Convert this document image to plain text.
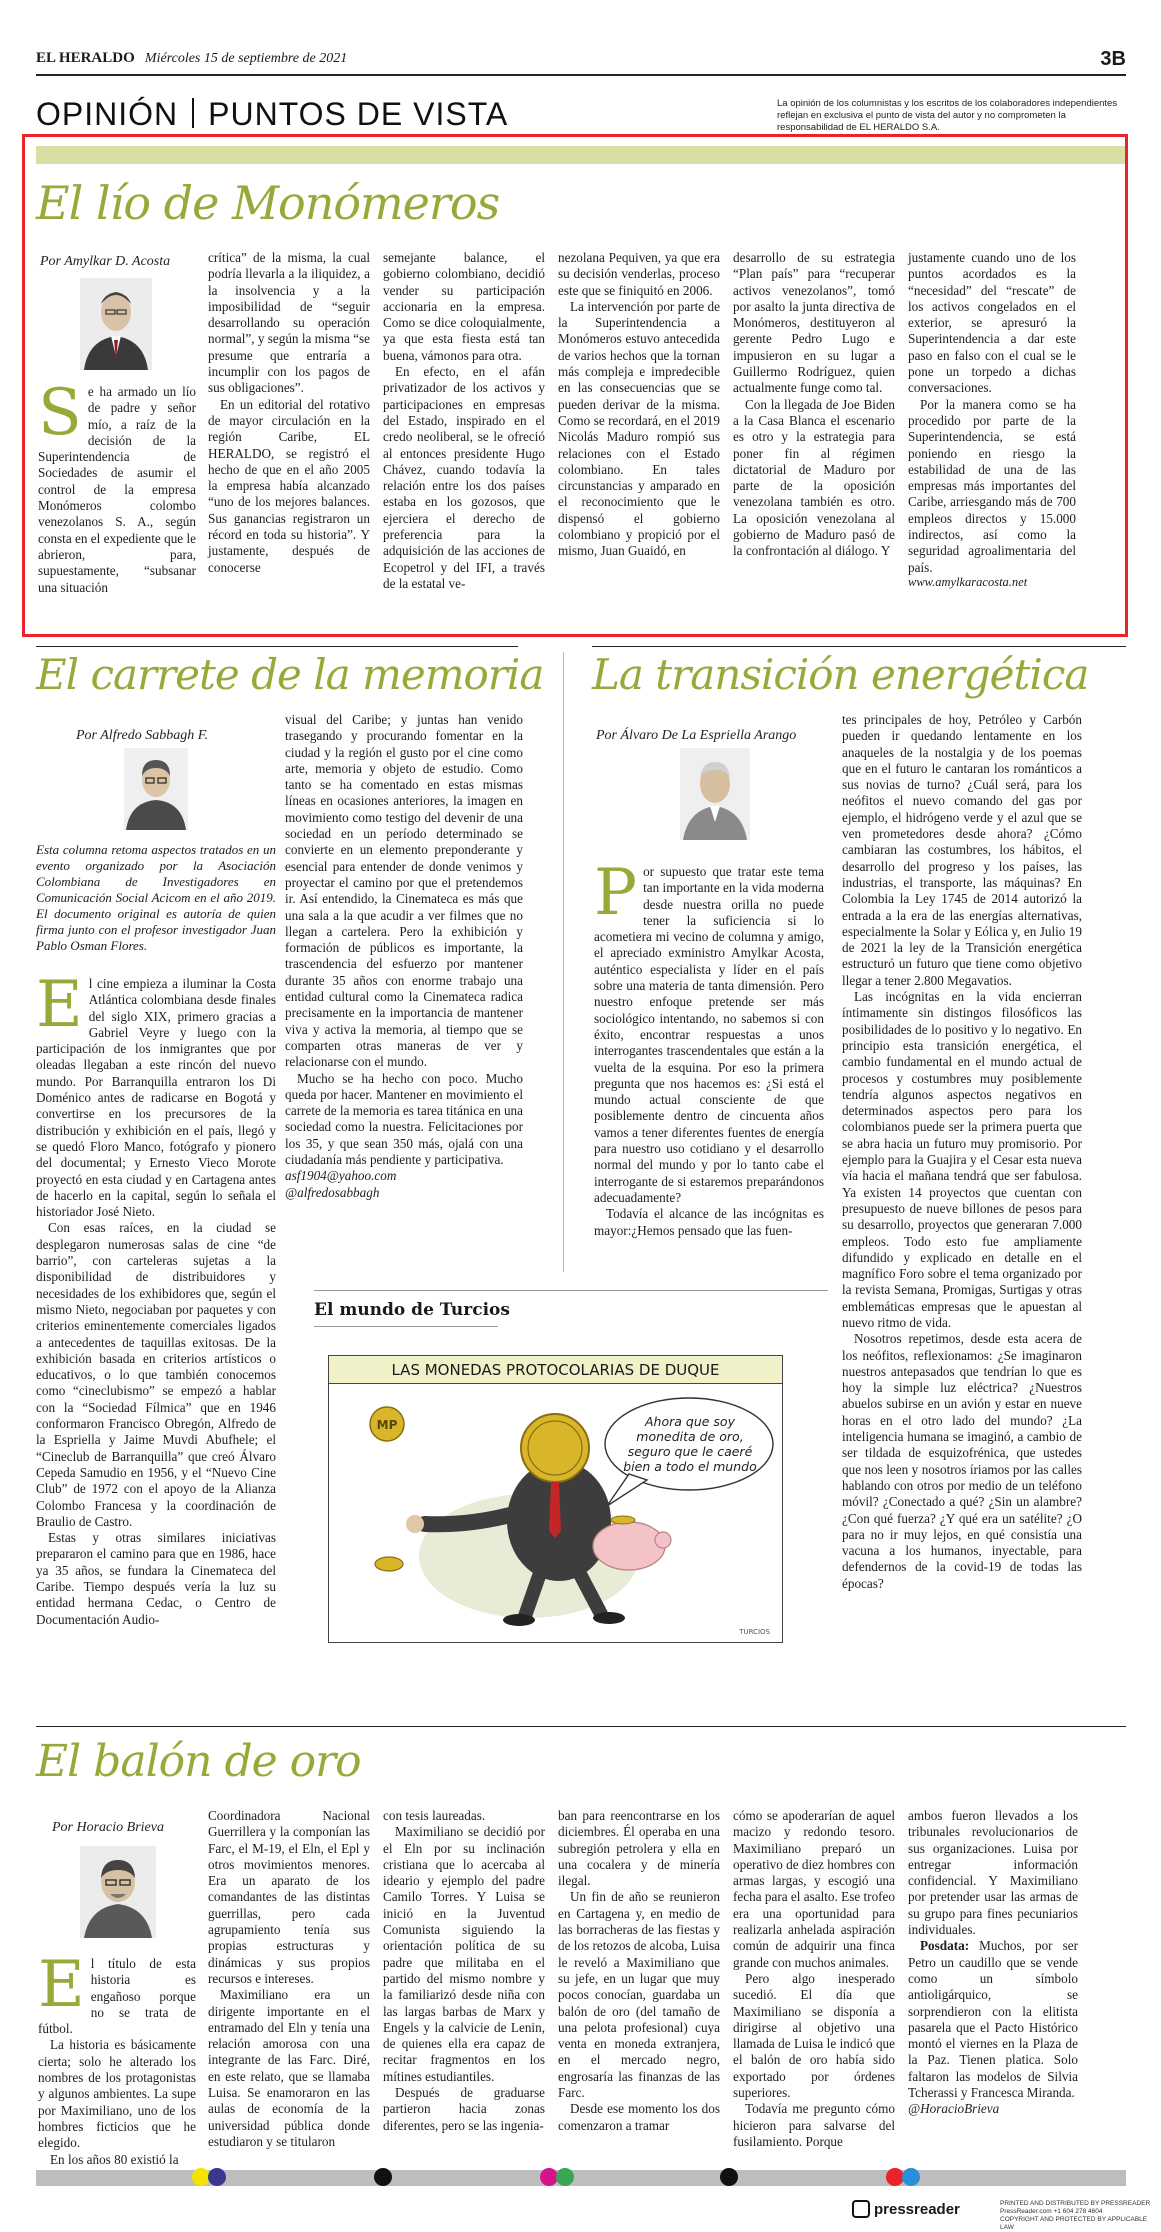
EL HERALDO Miércoles 15 de septiembre de 2021	3B
OPINIÓN PUNTOS DE VISTA	La opinión de los columnistas y los escritos de los colaboradores independientes reflejan en exclusiva el punto de vista del autor y no comprometen la responsabilidad de EL HERALDO S.A.
El lío de Monómeros
Por Amylkar D. Acosta
Se ha armado un lío de padre y señor mío, a raíz de la decisión de la Superintendencia de Sociedades de asumir el control de la empresa Monómeros colombo venezolanos S. A., según consta en el expediente que le abrieron, para, supuestamente, “subsanar una situación

crítica” de la misma, la cual podría llevarla a la iliquidez, a la insolvencia y a la imposibilidad de “seguir desarrollando su operación normal”, y según la misma “se presume que entraría a incumplir con los pagos de sus obligaciones”.

En un editorial del rotativo de mayor circulación en la región Caribe, EL HERALDO, se registró el hecho de que en el año 2005 la empresa había alcanzado “uno de los mejores balances. Sus ganancias registraron un récord en toda su historia”. Y justamente, después de conocerse

semejante balance, el gobierno colombiano, decidió vender su participación accionaria en la empresa. Como se dice coloquialmente, ya que esta fiesta está tan buena, vámonos para otra.

En efecto, en el afán privatizador de los activos y participaciones en empresas del Estado, inspirado en el credo neoliberal, se le ofreció al entonces presidente Hugo Chávez, cuando todavía la relación entre los dos países estaba en los gozosos, que ejerciera el derecho de preferencia para la adquisición de las acciones de Ecopetrol y del IFI, a través de la estatal ve-

nezolana Pequiven, ya que era su decisión venderlas, proceso este que se finiquitó en 2006.

La intervención por parte de la Superintendencia a Monómeros estuvo antecedida de varios hechos que la tornan más compleja e impredecible en las consecuencias que se pueden derivar de la misma. Como se recordará, en el 2019 Nicolás Maduro rompió sus relaciones con el Estado colombiano. En tales circunstancias y amparado en el reconocimiento que le dispensó el gobierno colombiano y propició por el mismo, Juan Guaidó, en

desarrollo de su estrategia “Plan país” para “recuperar activos venezolanos”, tomó por asalto la junta directiva de Monómeros, destituyeron al gerente Pedro Lugo e impusieron en su lugar a Guillermo Rodríguez, quien actualmente funge como tal.

Con la llegada de Joe Biden a la Casa Blanca el escenario es otro y la estrategia para poner fin al régimen dictatorial de Maduro por parte de la oposición venezolana también es otro. La oposición venezolana al gobierno de Maduro pasó de la confrontación al diálogo. Y

justamente cuando uno de los puntos acordados es la “necesidad” del “rescate” de los activos congelados en el exterior, se apresuró la Superintendencia a dar este paso en falso con el cual se le pone un torpedo a dichas conversaciones.

Por la manera como se ha procedido por parte de la Superintendencia, se está poniendo en riesgo la estabilidad de una de las empresas más importantes del Caribe, arriesgando más de 700 empleos directos y 15.000 indirectos, así como la seguridad agroalimentaria del país.

www.amylkaracosta.net
El carrete de la memoria
Por Alfredo Sabbagh F.
Esta columna retoma aspectos tratados en un evento organizado por la Asociación Colombiana de Investigadores en Comunicación Social Acicom en el año 2019. El documento original es autoría de quien firma junto con el profesor investigador Juan Pablo Osman Flores.
El cine empieza a iluminar la Costa Atlántica colombiana desde finales del siglo XIX, primero gracias a Gabriel Veyre y luego con la participación de los inmigrantes que por oleadas llegaban a este rincón del nuevo mundo. Por Barranquilla entraron los Di Doménico antes de radicarse en Bogotá y convertirse en los precursores de la distribución y exhibición en el país, llegó y se quedó Floro Manco, fotógrafo y pionero del documental; y Ernesto Vieco Morote proyectó en esta ciudad y en Cartagena antes de hacerlo en la capital, según lo señala el historiador José Nieto.

Con esas raíces, en la ciudad se desplegaron numerosas salas de cine “de barrio”, con carteleras sujetas a la disponibilidad de distribuidores y necesidades de los exhibidores que, según el mismo Nieto, negociaban por paquetes y con criterios eminentemente comerciales ligados a antecedentes de taquillas exitosas. De la exhibición basada en criterios artísticos o educativos, o lo que también conocemos como “cineclubismo” se empezó a hablar con la “Sociedad Fílmica” que en 1946 conformaron Francisco Obregón, Alfredo de la Espriella y Jaime Muvdi Abufhele; el “Cineclub de Barranquilla” que creó Álvaro Cepeda Samudio en 1956, y el “Nuevo Cine Club” de 1972 con el apoyo de la Alianza Colombo Francesa y la coordinación de Braulio de Castro.

Estas y otras similares iniciativas prepararon el camino para que en 1986, hace ya 35 años, se fundara la Cinemateca del Caribe. Tiempo después vería la luz su entidad hermana Cedac, o Centro de Documentación Audio-

visual del Caribe; y juntas han venido trasegando y procurando fomentar en la ciudad y la región el gusto por el cine como arte, memoria y objeto de estudio. Como tanto se ha comentado en estas mismas líneas en ocasiones anteriores, la imagen en movimiento como testigo del devenir de una sociedad en un período determinado se convierte en un elemento preponderante y esencial para entender de donde venimos y proyectar el camino por que el pretendemos ir. Así entendido, la Cinemateca es más que una sala a la que acudir a ver filmes que no llegan a cartelera. Pero la exhibición y formación de públicos es importante, la trascendencia del esfuerzo por mantener durante 35 años con enorme trabajo una entidad cultural como la Cinemateca radica precisamente en la importancia de mantener viva y activa la memoria, al tiempo que se comparten otras maneras de ver y relacionarse con el mundo.

Mucho se ha hecho con poco. Mucho queda por hacer. Mantener en movimiento el carrete de la memoria es tarea titánica en una sociedad como la nuestra. Felicitaciones por los 35, y que sean 350 más, ojalá con una ciudadanía más pendiente y participativa.

asf1904@yahoo.com

@alfredosabbagh

La transición energética
Por Álvaro De La Espriella Arango
Por supuesto que tratar este tema tan importante en la vida moderna desde nuestra orilla no puede tener la suficiencia si lo acometiera mi vecino de columna y amigo, el apreciado exministro Amylkar Acosta, auténtico especialista y líder en el país sobre una materia de tanta dimensión. Pero nuestro enfoque pretende ser más sociológico intentando, no sabemos si con éxito, encontrar respuestas a unos interrogantes trascendentales que están a la vuelta de la esquina. Por eso la primera pregunta que nos hacemos es: ¿Si está el mundo actual consciente de que posiblemente dentro de cincuenta años vamos a tener diferentes fuentes de energía para nuestro uso cotidiano y el desarrollo normal del mundo y por lo tanto cabe el interrogante de si estaremos preparándonos adecuadamente?

Todavía el alcance de las incógnitas es mayor:¿Hemos pensado que las fuen-

tes principales de hoy, Petróleo y Carbón pueden ir quedando lentamente en los anaqueles de la nostalgia y de los poemas que en el futuro le cantaran los románticos a sus novias de turno? ¿Cuál será, para los neófitos el nuevo comando del gas por ejemplo, el hidrógeno verde y el azul que se ven prometedores desde ahora? ¿Cómo cambiaran las costumbres, los hábitos, el desarrollo del progreso y los países, las industrias, el transporte, las máquinas? En Colombia la Ley 1745 de 2014 autorizó la entrada a la era de las energías alternativas, especialmente la Solar y Eólica y, en Julio 19 de 2021 la ley de la Transición energética estructuró un futuro que tiene como objetivo llegar a tener 2.800 Megavatios.

Las incógnitas en la vida encierran íntimamente sin distingos filosóficos las posibilidades de lo positivo y lo negativo. En principio esta transición energética, el cambio fundamental en el mundo actual de procesos y costumbres muy posiblemente tendría algunos aspectos negativos en determinados aspectos pero para los colombianos puede ser la primera puerta que se abra hacia un futuro muy promisorio. Por ejemplo para la Guajira y el Cesar esta nueva vía hacia el mañana tendrá que ser fabulosa. Ya existen 14 proyectos que cuentan con presupuesto de nueve billones de pesos para su desarrollo, proyectos que generaran 7.000 empleos. Todo esto fue ampliamente difundido y explicado en detalle en el magnífico Foro sobre el tema organizado por la revista Semana, Promigas, Surtigas y otras emblemáticas empresas que le apuestan al nuevo ritmo de vida.

Nosotros repetimos, desde esta acera de los neófitos, reflexionamos: ¿Se imaginaron nuestros antepasados que tendrían lo que es hoy la simple luz eléctrica? ¿Nuestros abuelos subirse en un avión y estar en nueve horas en el otro lado del mundo? ¿La inteligencia humana se imaginó, a cambio de ser tildada de esquizofrénica, que ustedes que nos leen y nosotros íriamos por las calles hablando con otros por medio de un teléfono móvil? ¿Conectado a qué? ¿Sin un alambre? ¿Con qué fuerza? ¿Y qué era un satélite? ¿O para no ir muy lejos, en qué consistía una vacuna a los humanos, inyectable, para defendernos de la covid-19 de todas las épocas?

El mundo de Turcios
LAS MONEDAS PROTOCOLARIAS DE DUQUE
MP	Ahora que soy monedita de oro, seguro que le caeré bien a todo el mundo
TURCIOS
El balón de oro
Por Horacio Brieva
El título de esta historia es engañoso porque no se trata de fútbol.

La historia es básicamente cierta; solo he alterado los nombres de los protagonistas y algunos ambientes. La supe por Maximiliano, uno de los hombres ficticios que he elegido.

En los años 80 existió la

Coordinadora Nacional Guerrillera y la componían las Farc, el M-19, el Eln, el Epl y otros movimientos menores. Era un aparato de los comandantes de las distintas guerrillas, pero cada agrupamiento tenía sus propias estructuras y dinámicas y sus propios recursos e intereses.

Maximiliano era un dirigente importante en el entramado del Eln y tenía una relación amorosa con una integrante de las Farc. Diré, en este relato, que se llamaba Luisa. Se enamoraron en las aulas de economía de la universidad pública donde estudiaron y se titularon

con tesis laureadas.

Maximiliano se decidió por el Eln por su inclinación cristiana que lo acercaba al ideario y ejemplo del padre Camilo Torres. Y Luisa se inició en la Juventud Comunista siguiendo la orientación política de su padre que militaba en el partido del mismo nombre y la familiarizó desde niña con las largas barbas de Marx y Engels y la calvicie de Lenin, de quienes ella era capaz de recitar fragmentos en los mítines estudiantiles.

Después de graduarse partieron hacia zonas diferentes, pero se las ingenia-

ban para reencontrarse en los diciembres. Él operaba en una subregión petrolera y ella en una cocalera y de minería ilegal.

Un fin de año se reunieron en Cartagena y, en medio de las borracheras de las fiestas y de los retozos de alcoba, Luisa le reveló a Maximiliano que su jefe, en un lugar que muy pocos conocían, guardaba un balón de oro (del tamaño de una pelota profesional) cuya venta en moneda extranjera, en el mercado negro, engrosaría las finanzas de las Farc.

Desde ese momento los dos comenzaron a tramar

cómo se apoderarían de aquel macizo y redondo tesoro. Maximiliano preparó un operativo de diez hombres con armas largas, y escogió una fecha para el asalto. Ese trofeo era una oportunidad para realizarla anhelada aspiración común de adquirir una finca grande con muchos animales.

Pero algo inesperado sucedió. El día que Maximiliano se disponía a dirigirse al objetivo una llamada de Luisa le indicó que el balón de oro había sido exportado por órdenes superiores.

Todavía me pregunto cómo hicieron para salvarse del fusilamiento. Porque

ambos fueron llevados a los tribunales revolucionarios de sus organizaciones. Luisa por entregar información confidencial. Y Maximiliano por pretender usar las armas de su grupo para fines pecuniarios individuales.

Posdata: Muchos, por ser Petro un caudillo que se vende como un símbolo antioligárquico, se sorprendieron con la elitista pasarela que el Pacto Histórico montó el viernes en la Plaza de la Paz. Tienen platica. Solo faltaron las modelos de Silvia Tcherassi y Francesca Miranda.

@HoracioBrieva

pressreader	PRINTED AND DISTRIBUTED BY PRESSREADER
PressReader.com +1 604 278 4604
COPYRIGHT AND PROTECTED BY APPLICABLE LAW
